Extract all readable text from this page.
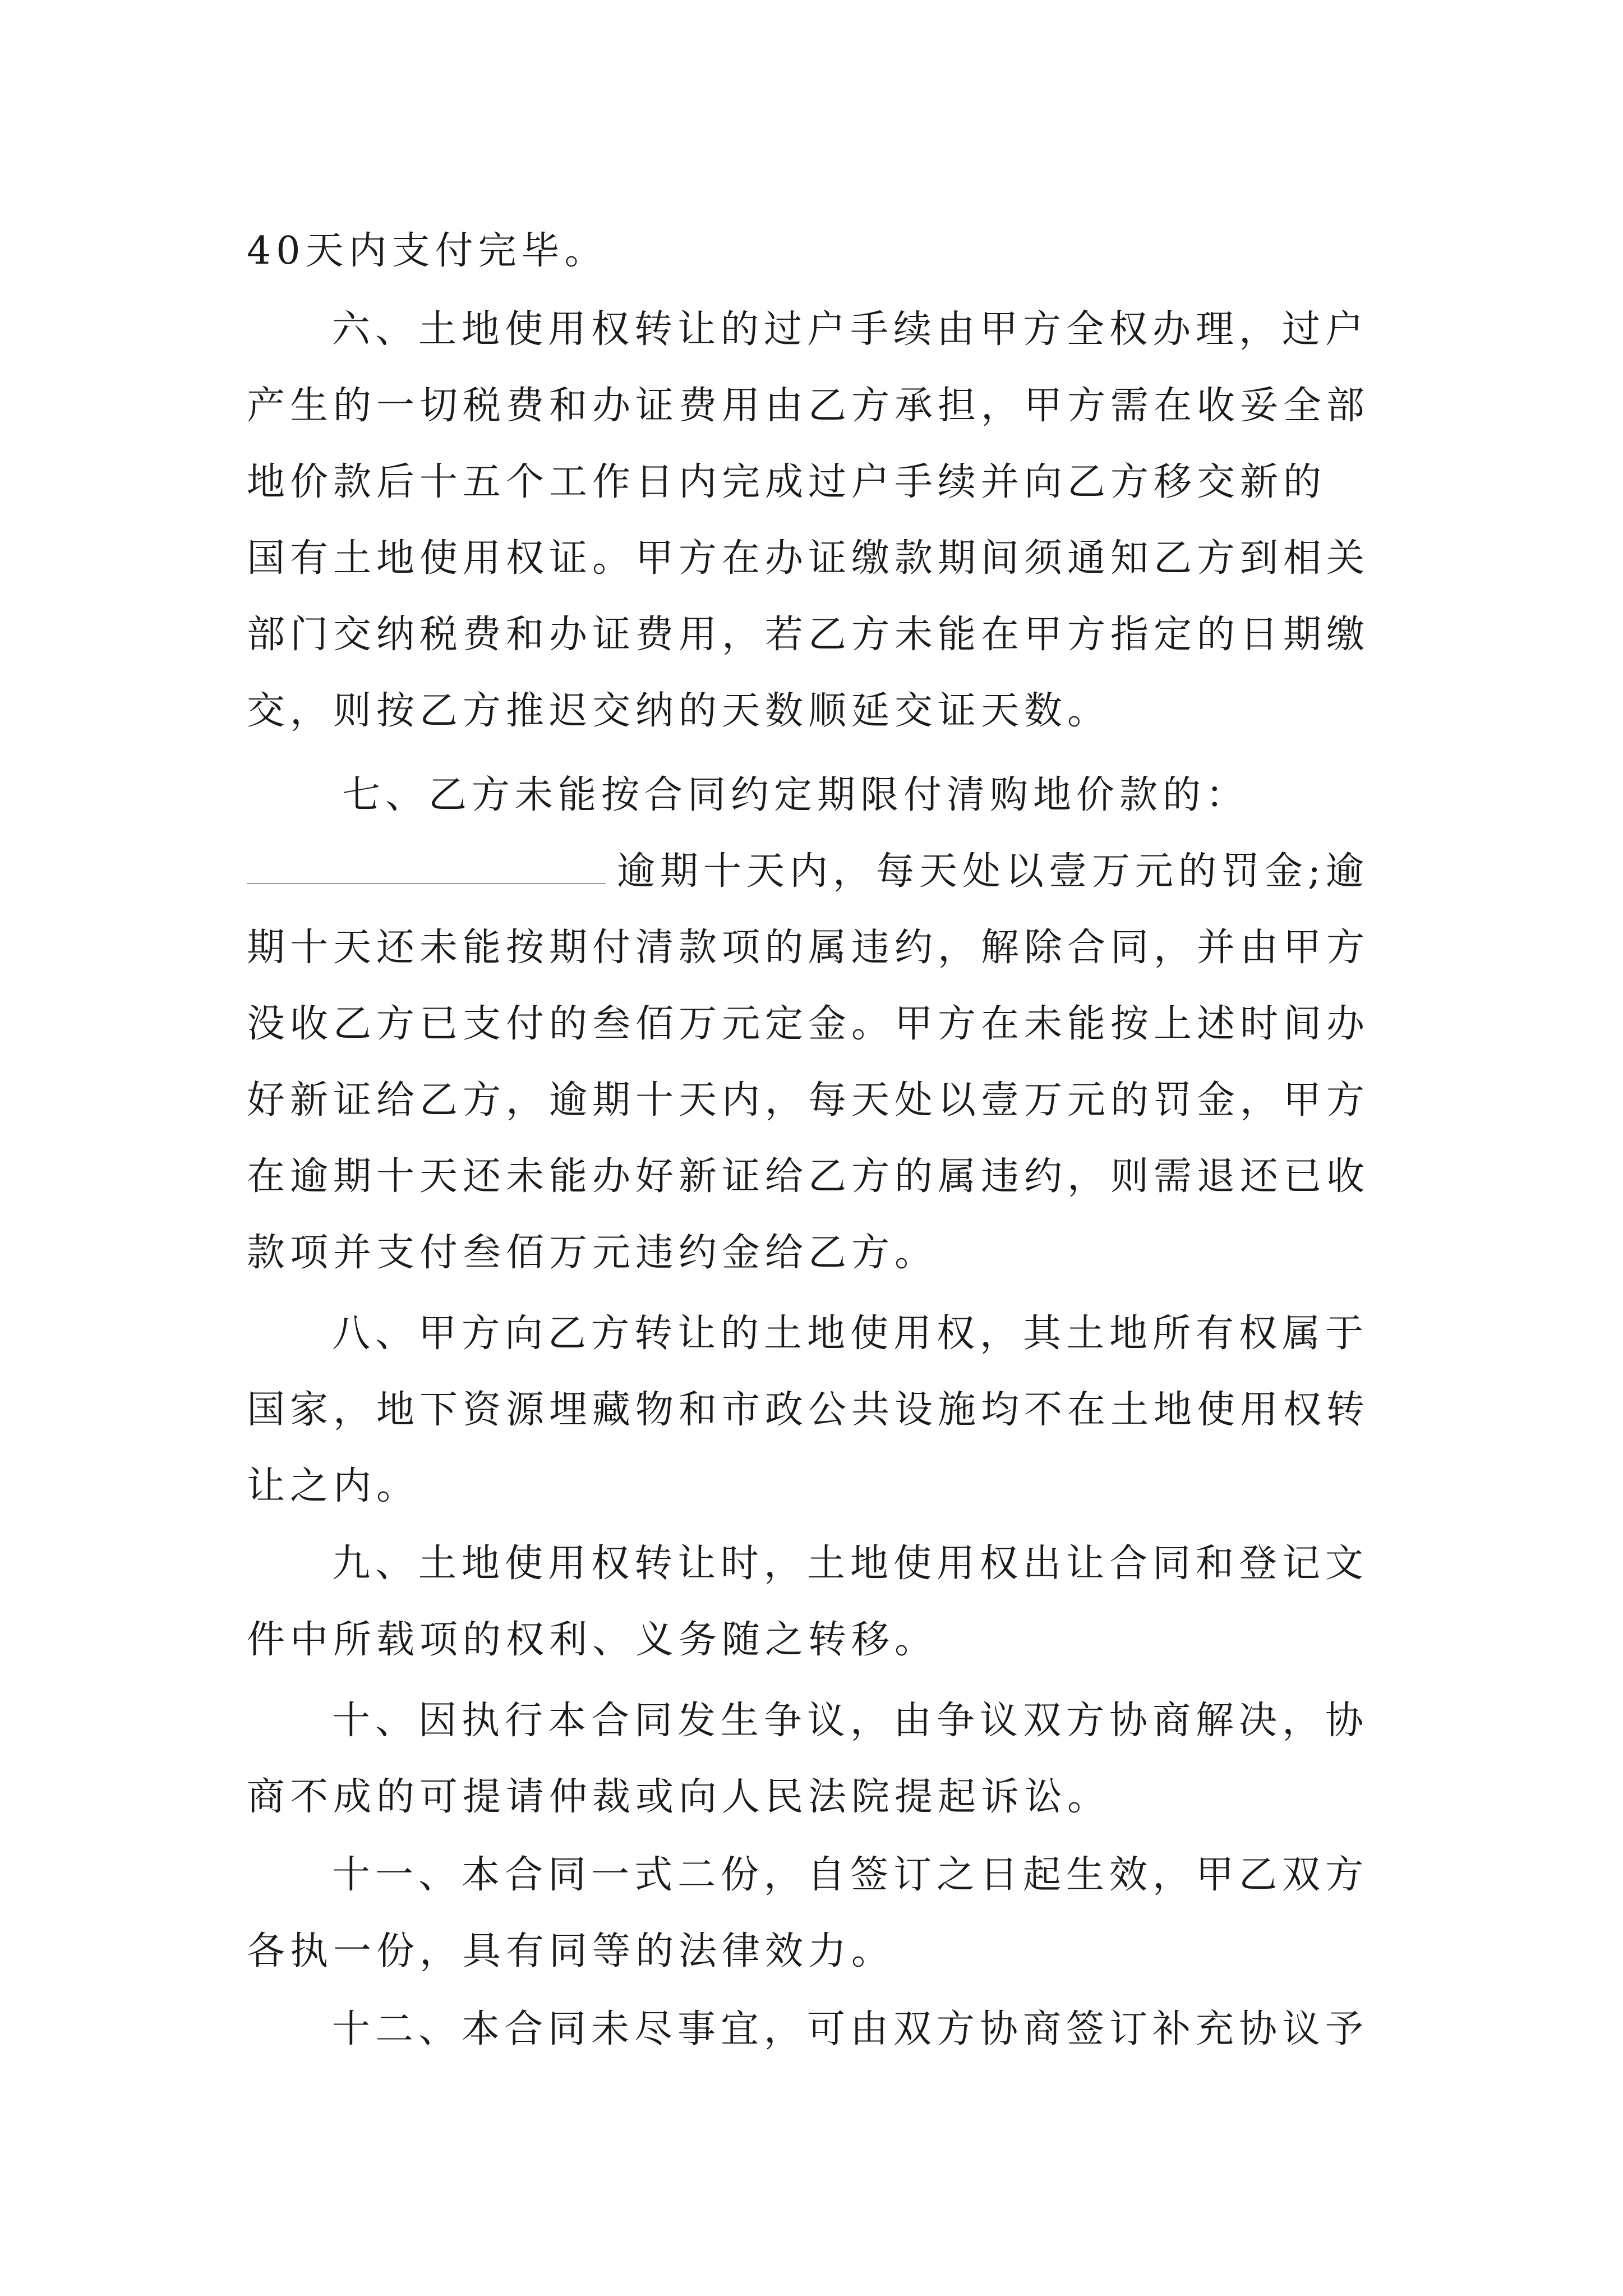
40天内支付完毕。
六、土地使用权转让的过户手续由甲方全权办理，过户
产生的一切税费和办证费用由乙方承担，甲方需在收妥全部
地价款后十五个工作日内完成过户手续并向乙方移交新的
国有土地使用权证。甲方在办证缴款期间须通知乙方到相关
部门交纳税费和办证费用，若乙方未能在甲方指定的日期缴
交，则按乙方推迟交纳的天数顺延交证天数。
七、乙方未能按合同约定期限付清购地价款的：
逾期十天内，每天处以壹万元的罚金;逾
期十天还未能按期付清款项的属违约，解除合同，并由甲方
没收乙方已支付的叁佰万元定金。甲方在未能按上述时间办
好新证给乙方，逾期十天内，每天处以壹万元的罚金，甲方
在逾期十天还未能办好新证给乙方的属违约，则需退还已收
款项并支付叁佰万元违约金给乙方。
八、甲方向乙方转让的土地使用权，其土地所有权属于
国家，地下资源埋藏物和市政公共设施均不在土地使用权转
让之内。
九、土地使用权转让时，土地使用权出让合同和登记文
件中所载项的权利、义务随之转移。
十、因执行本合同发生争议，由争议双方协商解决，协
商不成的可提请仲裁或向人民法院提起诉讼。
十一、本合同一式二份，自签订之日起生效，甲乙双方
各执一份，具有同等的法律效力。
十二、本合同未尽事宜，可由双方协商签订补充协议予
